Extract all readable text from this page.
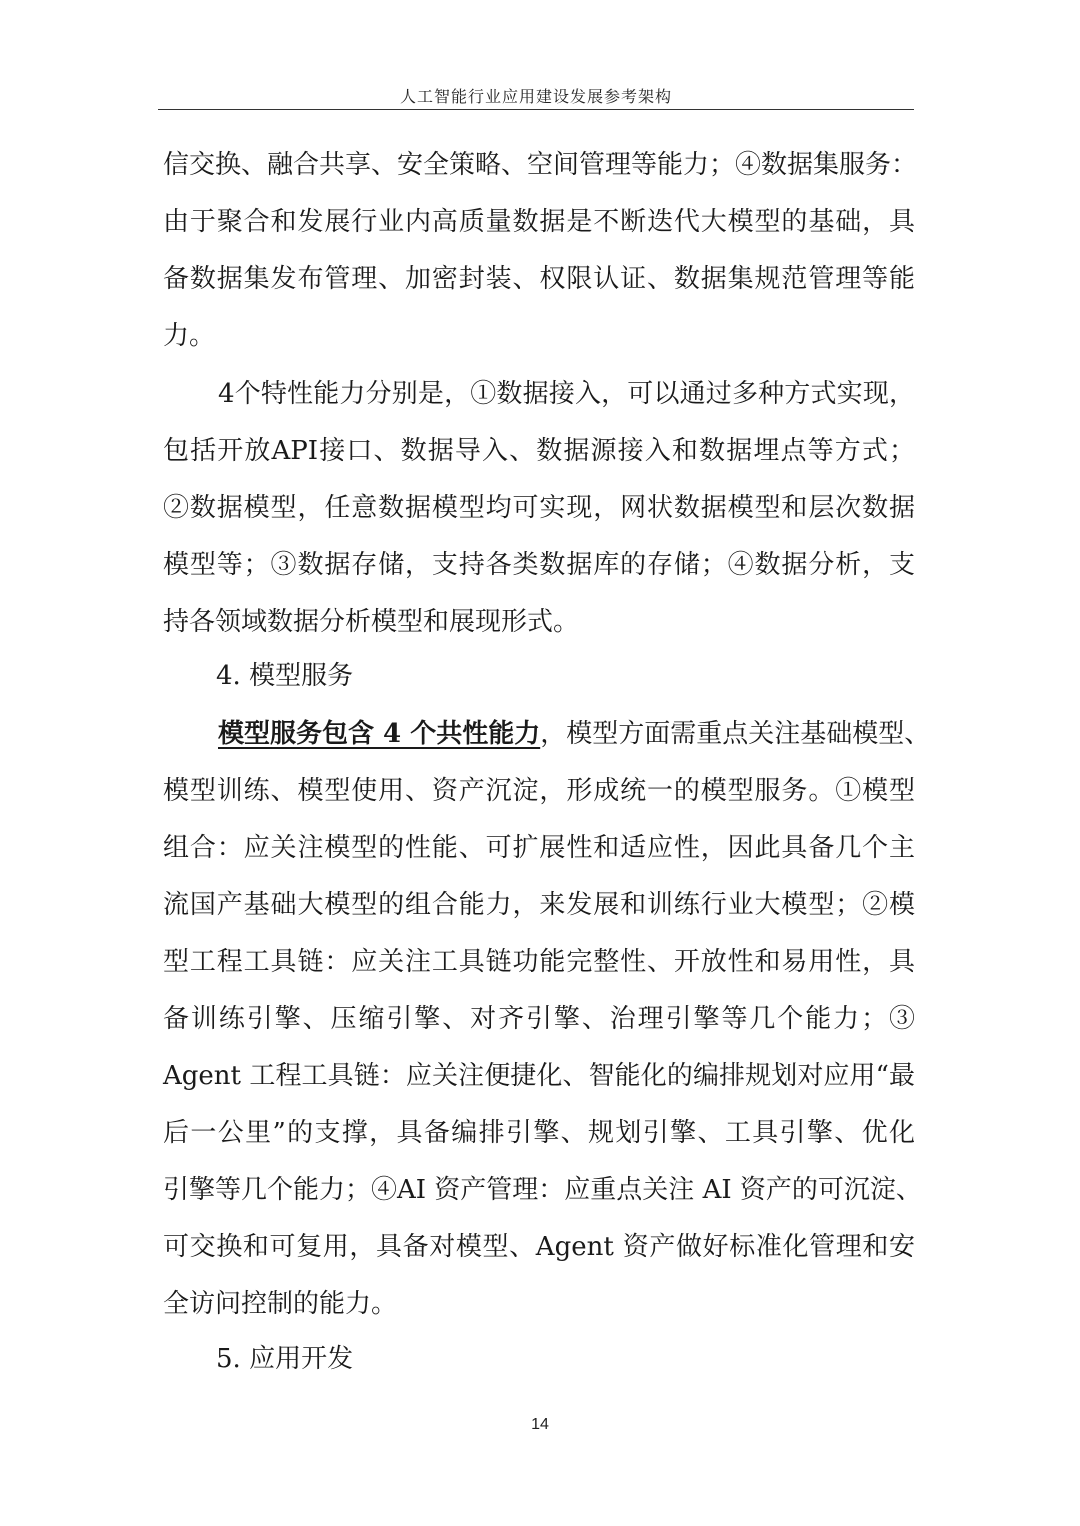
人工智能行业应用建设发展参考架构
信交换、融合共享、安全策略、空间管理等能力；④数据集服务：
由于聚合和发展行业内高质量数据是不断迭代大模型的基础，具
备数据集发布管理、加密封装、权限认证、数据集规范管理等能
力。
4个特性能力分别是，①数据接入，可以通过多种方式实现，
包括开放API接口、数据导入、数据源接入和数据埋点等方式；
②数据模型，任意数据模型均可实现，网状数据模型和层次数据
模型等；③数据存储，支持各类数据库的存储；④数据分析，支
持各领域数据分析模型和展现形式。
4. 模型服务
模型服务包含 4 个共性能力，模型方面需重点关注基础模型、
模型训练、模型使用、资产沉淀，形成统一的模型服务。①模型
组合：应关注模型的性能、可扩展性和适应性，因此具备几个主
流国产基础大模型的组合能力，来发展和训练行业大模型；②模
型工程工具链：应关注工具链功能完整性、开放性和易用性，具
备训练引擎、压缩引擎、对齐引擎、治理引擎等几个能力；③
Agent 工程工具链：应关注便捷化、智能化的编排规划对应用“最
后一公里”的支撑，具备编排引擎、规划引擎、工具引擎、优化
引擎等几个能力；④AI 资产管理：应重点关注 AI 资产的可沉淀、
可交换和可复用，具备对模型、Agent 资产做好标准化管理和安
全访问控制的能力。
5. 应用开发
14
